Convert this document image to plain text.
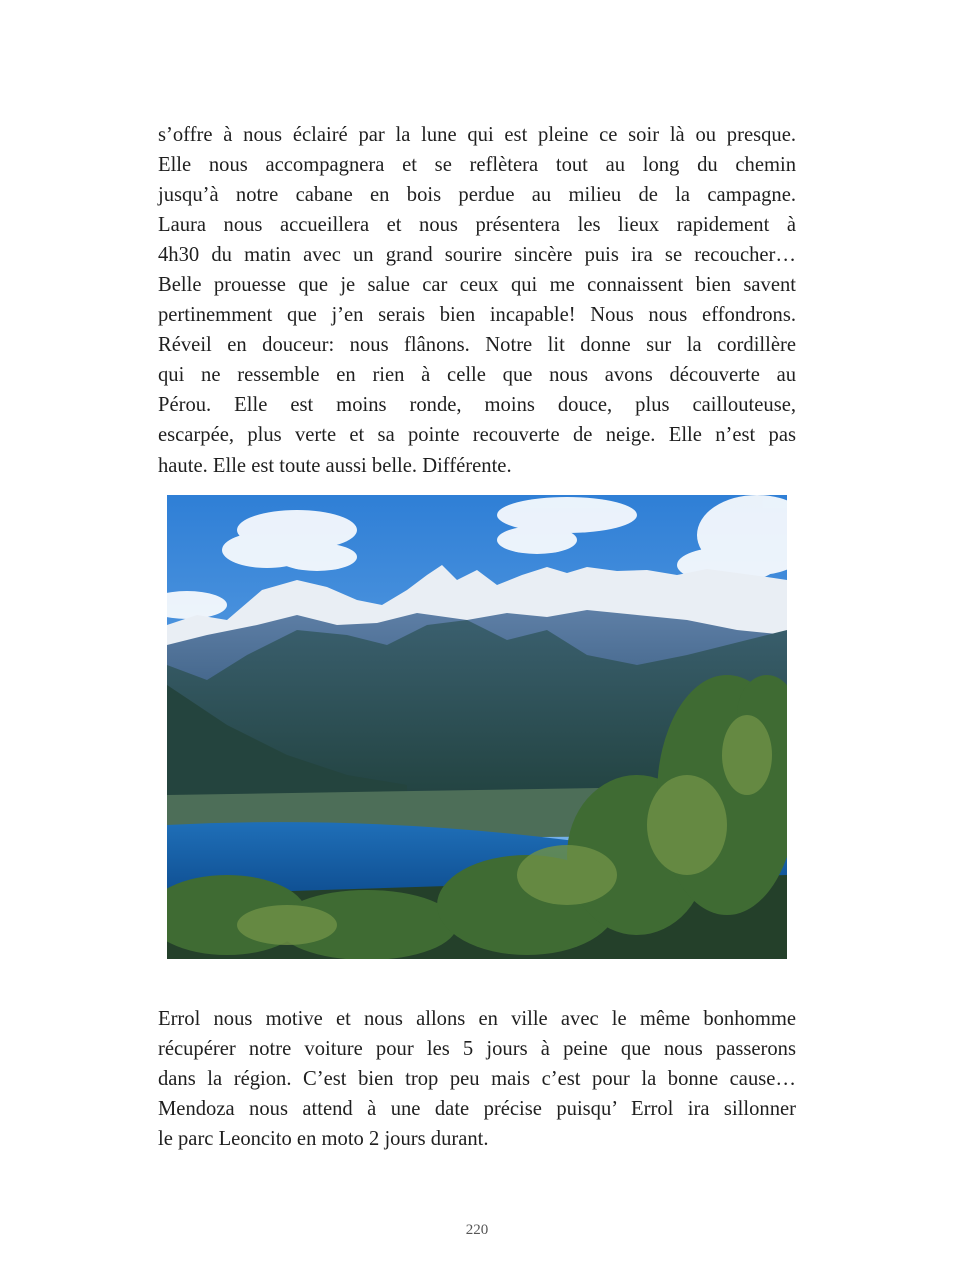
s’offre à nous éclairé par la lune qui est pleine ce soir là ou presque.
Elle nous accompagnera et se reflètera tout au long du chemin
jusqu’à notre cabane en bois perdue au milieu de la campagne.
Laura nous accueillera et nous présentera les lieux rapidement à
4h30 du matin avec un grand sourire sincère puis ira se recoucher…
Belle prouesse que je salue car ceux qui me connaissent bien savent
pertinemment que j’en serais bien incapable! Nous nous effondrons.
Réveil en douceur: nous flânons. Notre lit donne sur la cordillère
qui ne ressemble en rien à celle que nous avons découverte au
Pérou. Elle est moins ronde, moins douce, plus caillouteuse,
escarpée, plus verte et sa pointe recouverte de neige. Elle n’est pas
haute. Elle est toute aussi belle. Différente.
Errol nous motive et nous allons en ville avec le même bonhomme
récupérer notre voiture pour les 5 jours à peine que nous passerons
dans la région. C’est bien trop peu mais c’est pour la bonne cause…
Mendoza nous attend à une date précise puisqu’ Errol ira sillonner
le parc Leoncito en moto 2 jours durant.
220
